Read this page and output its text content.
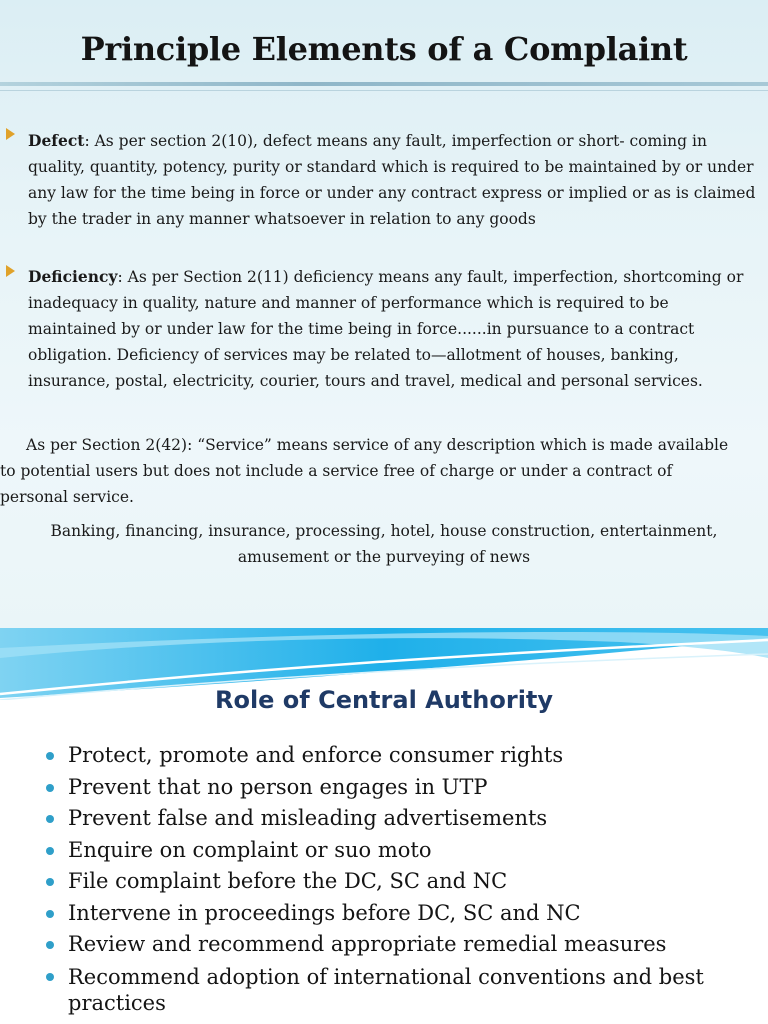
Principle Elements of a Complaint
Defect: As per section 2(10), defect means any fault, imperfection or short- coming in quality, quantity, potency, purity or standard which is required to be maintained by or under any law for the time being in force or under any contract express or implied or as is claimed by the trader in any manner whatsoever in relation to any goods
Deficiency: As per Section 2(11) deficiency means any fault, imperfection, shortcoming or inadequacy in quality, nature and manner of performance which is required to be maintained by or under law for the time being in force......in pursuance to a contract obligation. Deficiency of services may be related to—allotment of houses, banking, insurance, postal, electricity, courier, tours and travel, medical and personal services.
As per Section 2(42): “Service” means service of any description which is made available
to potential users but does not include a service free of charge or under a contract of
personal service.
Banking, financing, insurance, processing, hotel, house construction, entertainment,
amusement or the purveying of news
Role of Central Authority
Protect, promote and enforce consumer rights
Prevent that no person engages in UTP
Prevent false and misleading advertisements
Enquire on complaint or suo moto
File complaint before the DC, SC and NC
Intervene in proceedings before DC, SC and NC
Review and recommend appropriate remedial measures
Recommend adoption of international conventions and best practices
